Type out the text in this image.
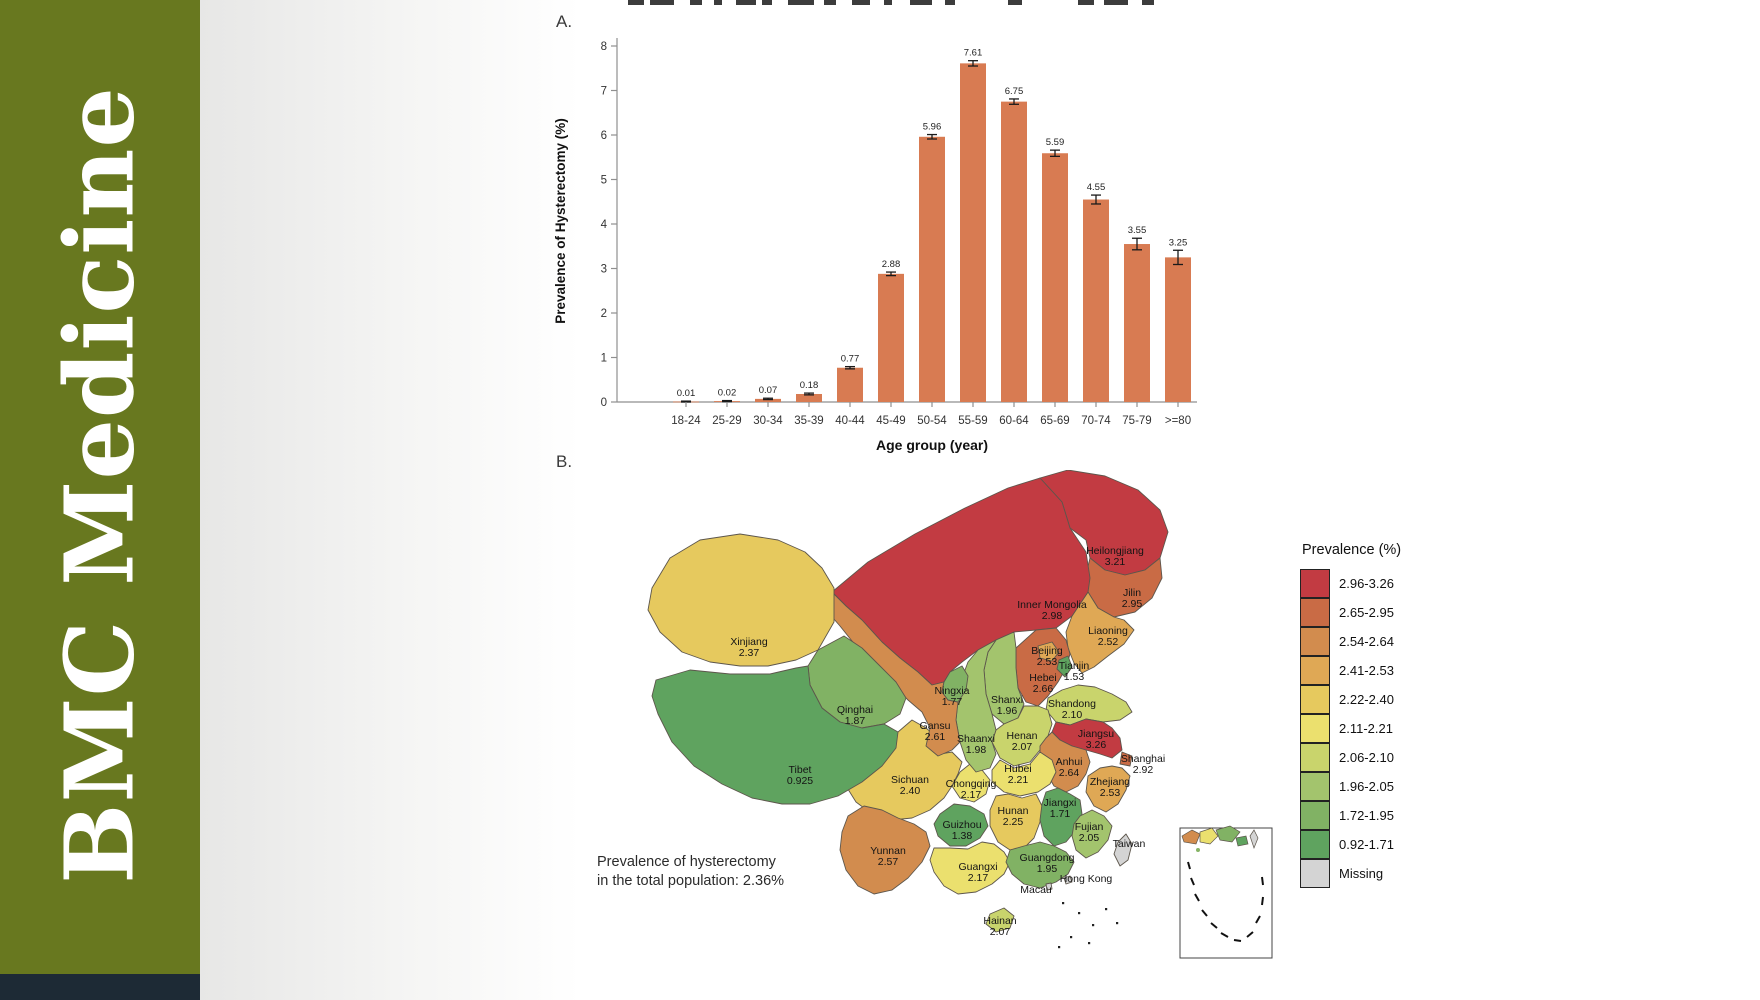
BMC Medicine
A.
0
1
2
3
4
5
6
7
8
Prevalence of Hysterectomy (%)
0.01
18-24
0.02
25-29
0.07
30-34
0.18
35-39
0.77
40-44
2.88
45-49
5.96
50-54
7.61
55-59
6.75
60-64
5.59
65-69
4.55
70-74
3.55
75-79
3.25
>=80
Age group (year)
B.
Heilongjiang
3.21
Jilin
2.95
Liaoning
2.52
Inner Mongolia
2.98
Hebei
2.66
Beijing
2.53 Tianjin
1.53
Shanxi
1.96
Shandong
2.10
Henan
2.07
Jiangsu
3.26
Anhui
2.64
Shanghai
2.92
Zhejiang
2.53
Hubei
2.21
Chongqing
2.17
Sichuan
2.40
Hunan
2.25
Jiangxi
1.71
Fujian
2.05
Guizhou
1.38
Yunnan
2.57	Guangxi
2.17
Guangdong
1.95
Hainan
2.07
Shaanxi
1.98
Gansu
2.61
Ningxia
1.77
Qinghai
1.87
Xinjiang
2.37
Tibet
0.925
Taiwan
Hong Kong
Macau
Prevalence of hysterectomy
in the total population: 2.36%
Prevalence (%)
2.96-3.26
2.65-2.95
2.54-2.64
2.41-2.53
2.22-2.40
2.11-2.21
2.06-2.10
1.96-2.05
1.72-1.95
0.92-1.71
Missing
